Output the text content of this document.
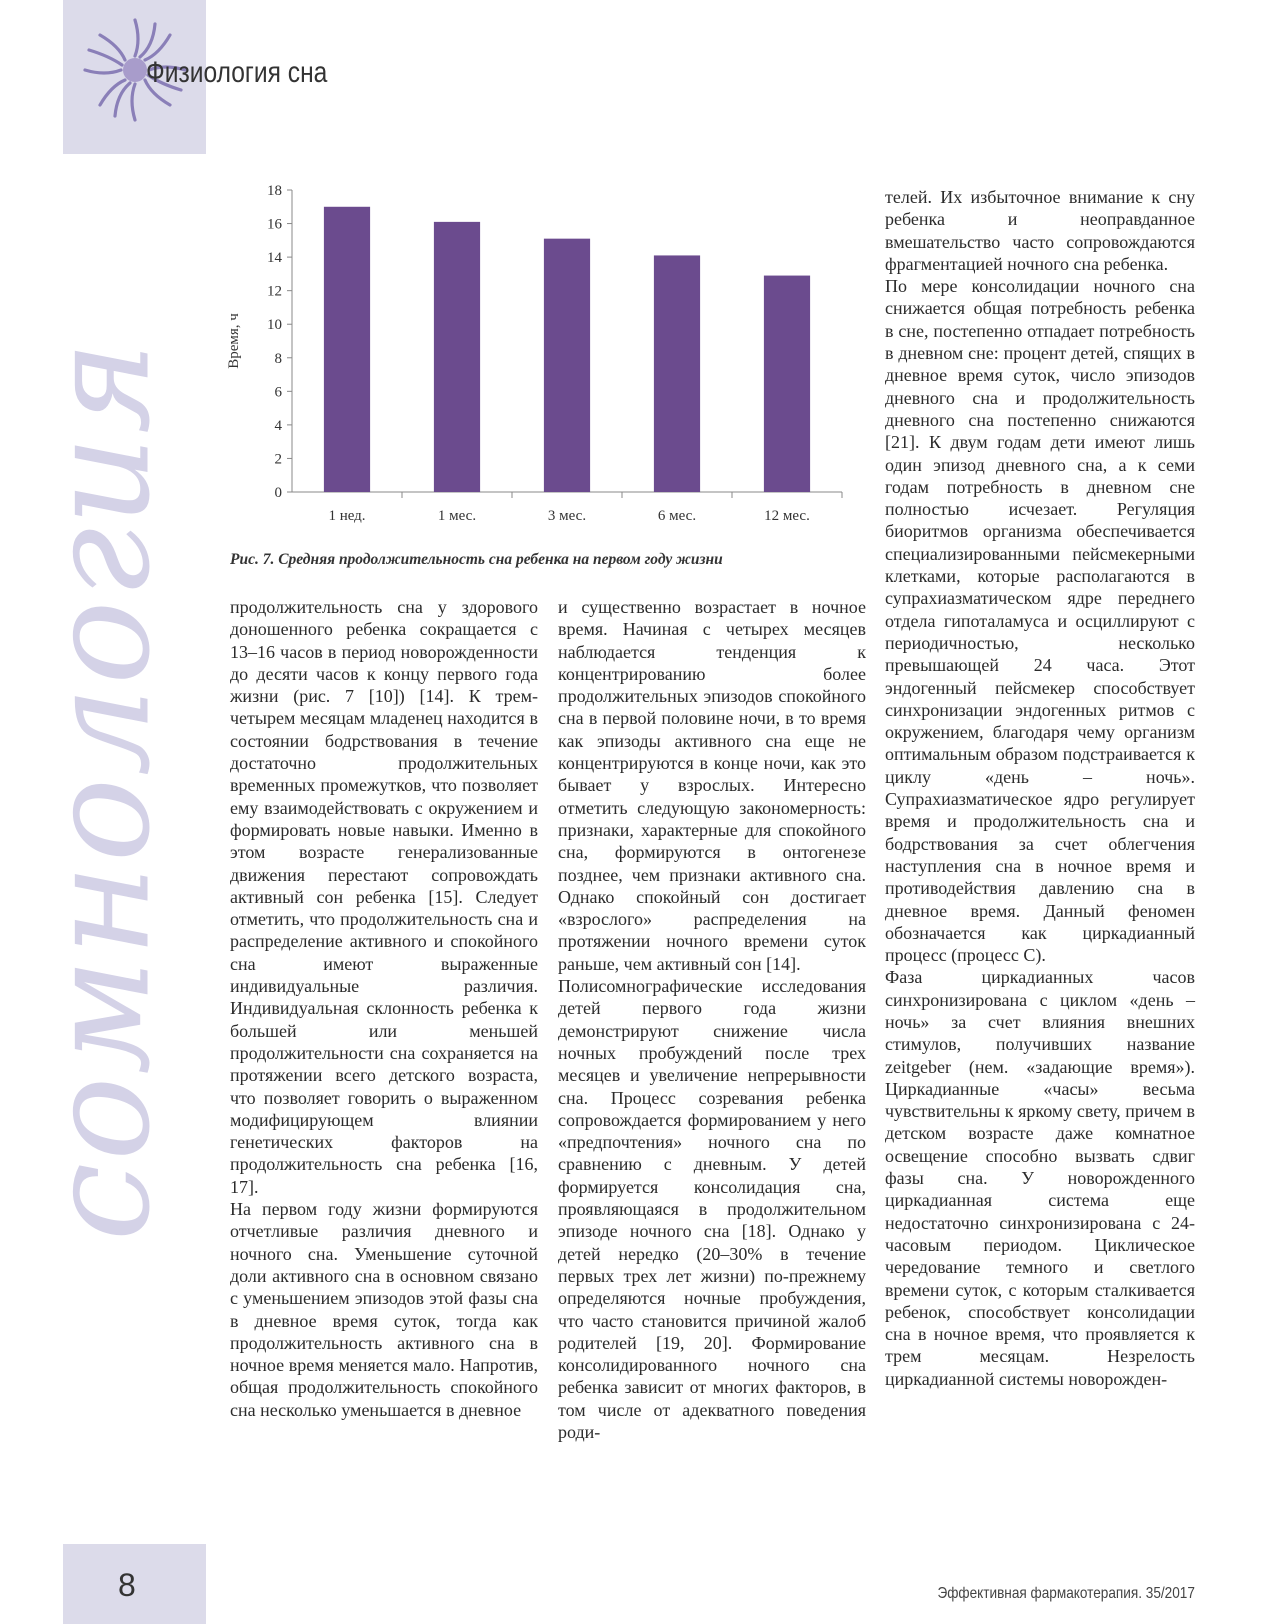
Физиология сна
сомнология	0
2
4
6
8
10
12
14
16
18
1 нед.	1 мес.	3 мес.	6 мес.	12 мес.
Время, ч
Рис. 7. Средняя продолжительность сна ребенка на первом году жизни

продолжительность сна у здорового доношенного ребенка сокращается с 13–16 часов в период новорожденности до десяти часов к концу первого года жизни (рис. 7 [10]) [14]. К трем-четырем месяцам младенец находится в состоянии бодрствования в течение достаточно продолжительных временных промежутков, что позволяет ему взаимодействовать с окружением и формировать новые навыки. Именно в этом возрасте генерализованные движения перестают сопровождать активный сон ребенка [15]. Следует отметить, что продолжительность сна и распределение активного и спокойного сна имеют выраженные индивидуальные различия. Индивидуальная склонность ребенка к большей или меньшей продолжительности сна сохраняется на протяжении всего детского возраста, что позволяет говорить о выраженном модифицирующем влиянии генетических факторов на продолжительность сна ребенка [16, 17].

На первом году жизни формируются отчетливые различия дневного и ночного сна. Уменьшение суточной доли активного сна в основном связано с уменьшением эпизодов этой фазы сна в дневное время суток, тогда как продолжительность активного сна в ночное время меняется мало. Напротив, общая продолжительность спокойного сна несколько уменьшается в дневное

и существенно возрастает в ночное время. Начиная с четырех месяцев наблюдается тенденция к концентрированию более продолжительных эпизодов спокойного сна в первой половине ночи, в то время как эпизоды активного сна еще не концентрируются в конце ночи, как это бывает у взрослых. Интересно отметить следующую закономерность: признаки, характерные для спокойного сна, формируются в онтогенезе позднее, чем признаки активного сна. Однако спокойный сон достигает «взрослого» распределения на протяжении ночного времени суток раньше, чем активный сон [14].

Полисомнографические исследования детей первого года жизни демонстрируют снижение числа ночных пробуждений после трех месяцев и увеличение непрерывности сна. Процесс созревания ребенка сопровождается формированием у него «предпочтения» ночного сна по сравнению с дневным. У детей формируется консолидация сна, проявляющаяся в продолжительном эпизоде ночного сна [18]. Однако у детей нередко (20–30% в течение первых трех лет жизни) по-прежнему определяются ночные пробуждения, что часто становится причиной жалоб родителей [19, 20]. Формирование консолидированного ночного сна ребенка зависит от многих факторов, в том числе от адекватного поведения роди-

телей. Их избыточное внимание к сну ребенка и неоправданное вмешательство часто сопровождаются фрагментацией ночного сна ребенка.

По мере консолидации ночного сна снижается общая потребность ребенка в сне, постепенно отпадает потребность в дневном сне: процент детей, спящих в дневное время суток, число эпизодов дневного сна и продолжительность дневного сна постепенно снижаются [21]. К двум годам дети имеют лишь один эпизод дневного сна, а к семи годам потребность в дневном сне полностью исчезает. Регуляция биоритмов организма обеспечивается специализированными пейсмекерными клетками, которые располагаются в супрахиазматическом ядре переднего отдела гипоталамуса и осциллируют с периодичностью, несколько превышающей 24 часа. Этот эндогенный пейсмекер способствует синхронизации эндогенных ритмов с окружением, благодаря чему организм оптимальным образом подстраивается к циклу «день – ночь». Супрахиазматическое ядро регулирует время и продолжительность сна и бодрствования за счет облегчения наступления сна в ночное время и противодействия давлению сна в дневное время. Данный феномен обозначается как циркадианный процесс (процесс С).

Фаза циркадианных часов синхронизирована с циклом «день – ночь» за счет влияния внешних стимулов, получивших название zeitgeber (нем. «задающие время»). Циркадианные «часы» весьма чувствительны к яркому свету, причем в детском возрасте даже комнатное освещение способно вызвать сдвиг фазы сна. У новорожденного циркадианная система еще недостаточно синхронизирована с 24-часовым периодом. Циклическое чередование темного и светлого времени суток, с которым сталкивается ребенок, способствует консолидации сна в ночное время, что проявляется к трем месяцам. Незрелость циркадианной системы новорожден-

8	Эффективная фармакотерапия. 35/2017
